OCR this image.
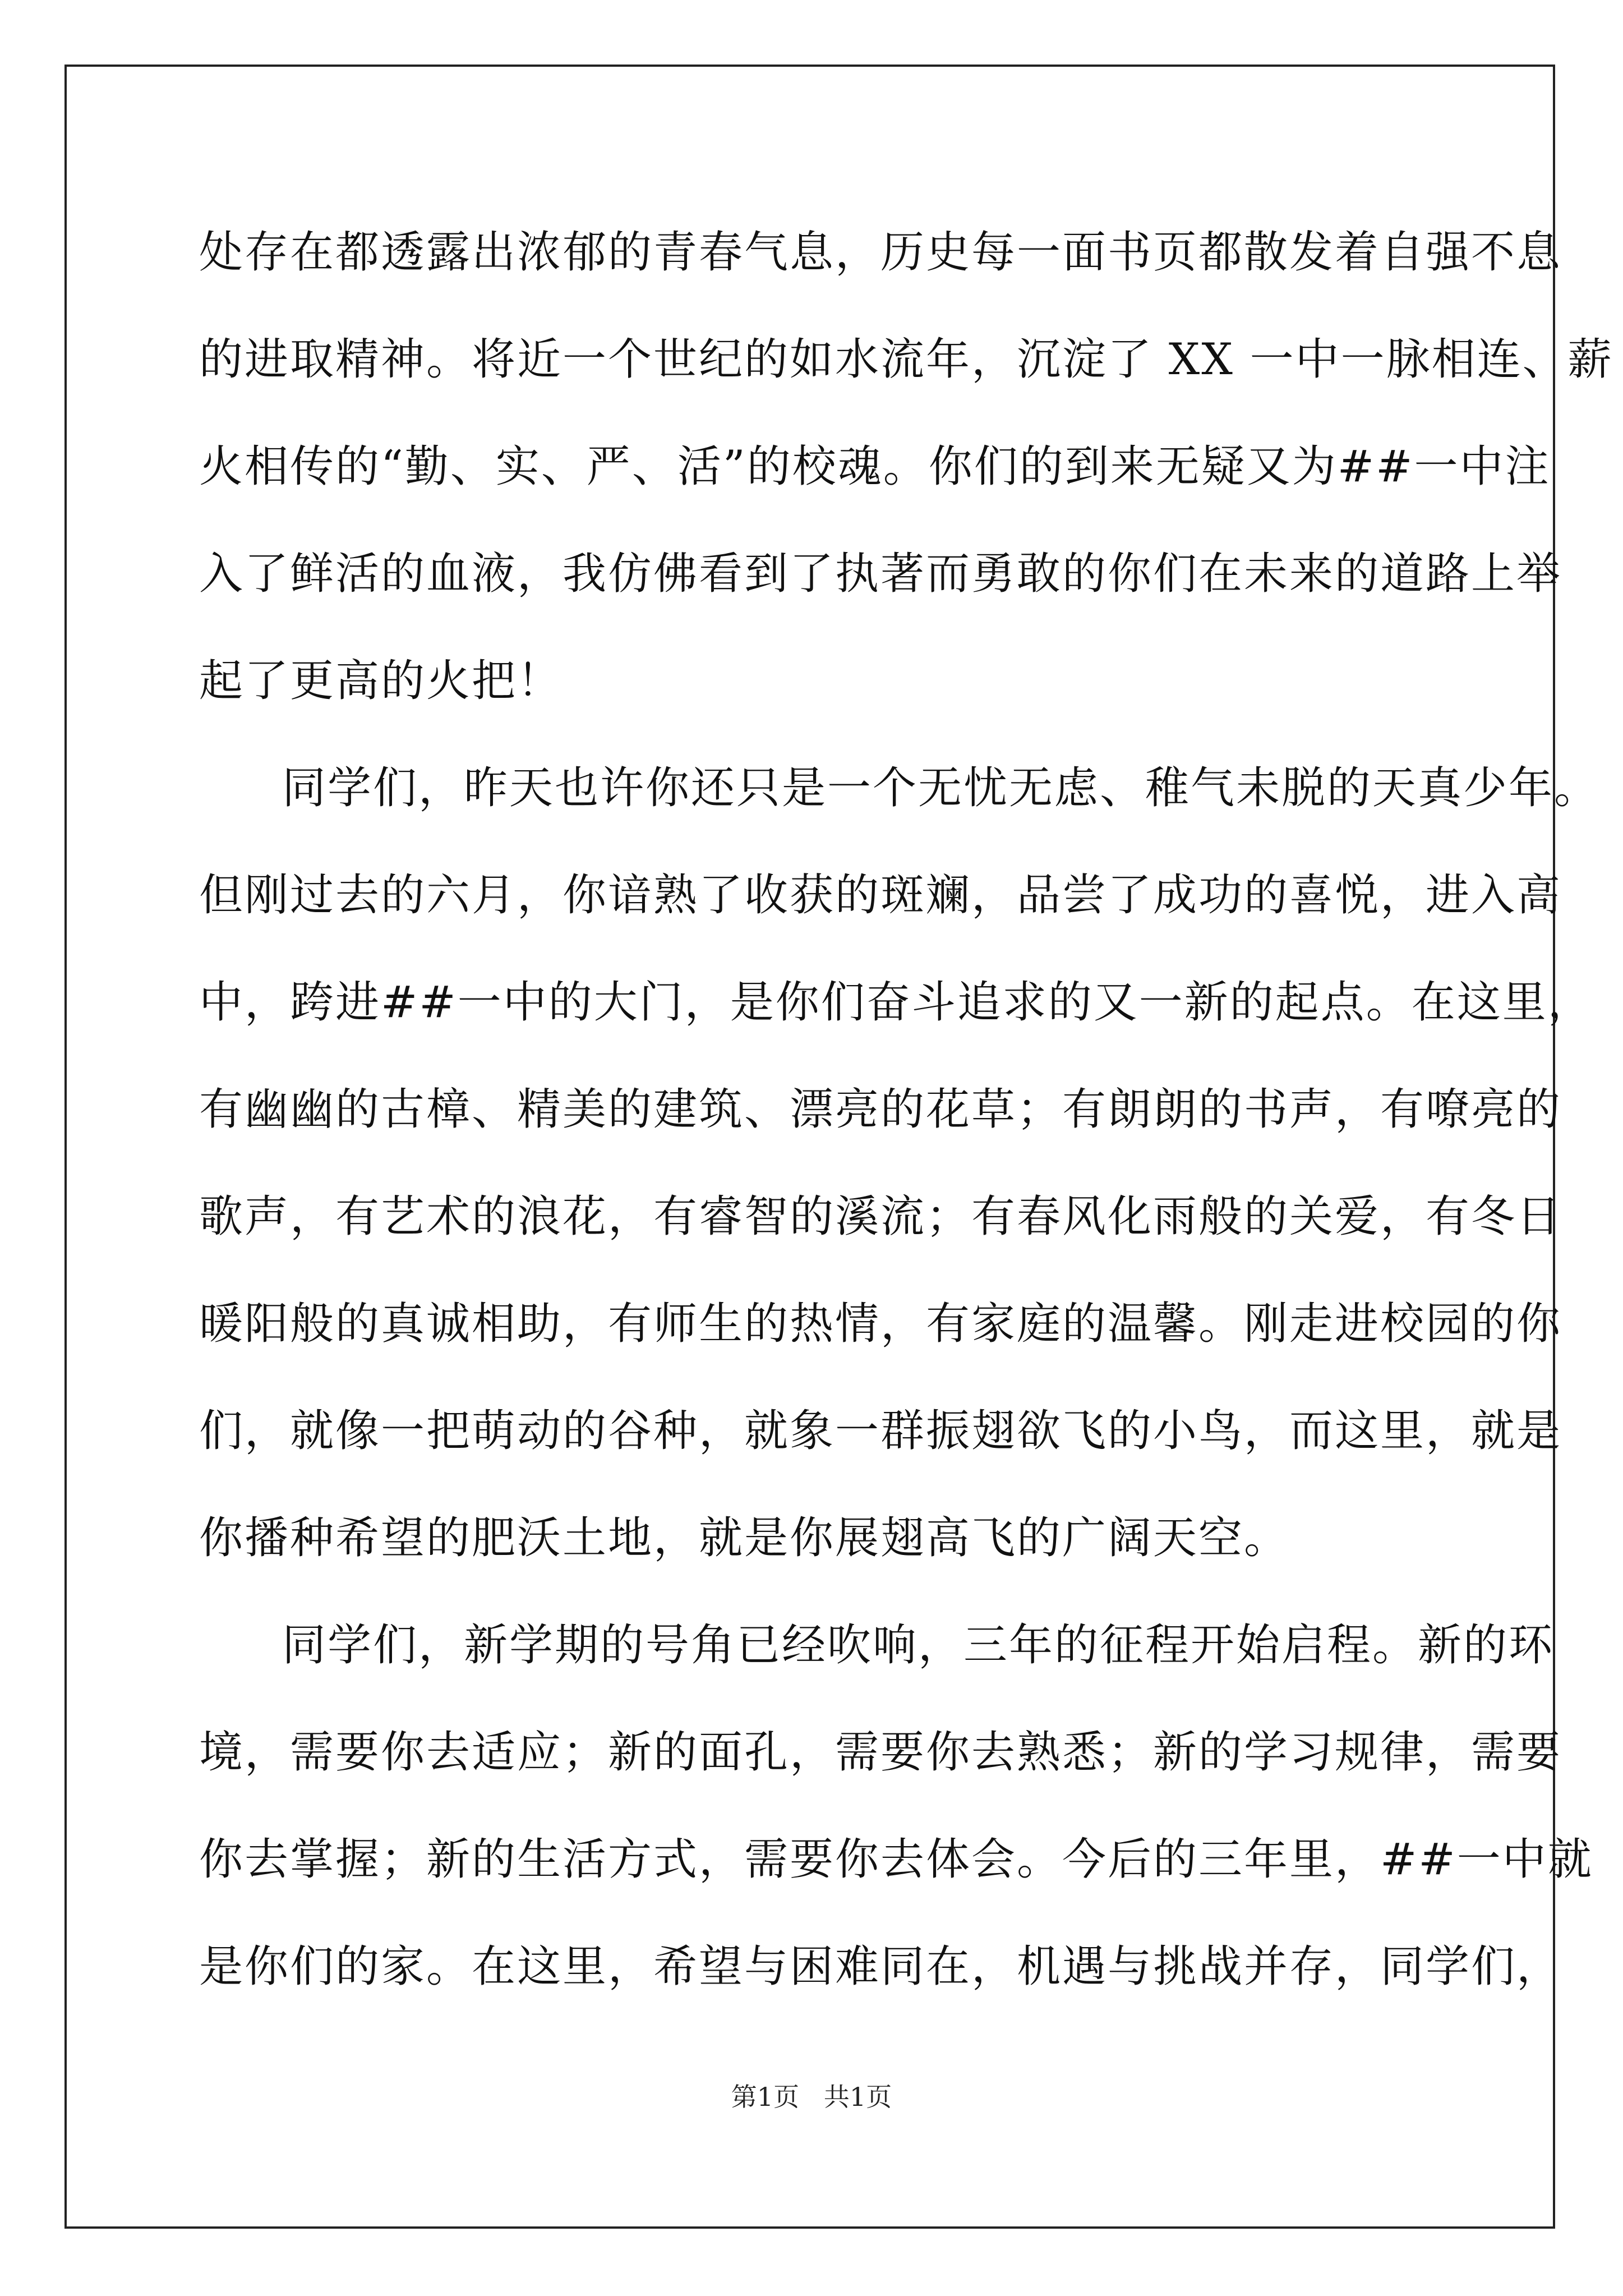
处存在都透露出浓郁的青春气息，历史每一面书页都散发着自强不息
的进取精神。将近一个世纪的如水流年，沉淀了 XX 一中一脉相连、薪
火相传的“勤、实、严、活”的校魂。你们的到来无疑又为##一中注
入了鲜活的血液，我仿佛看到了执著而勇敢的你们在未来的道路上举
起了更高的火把！
同学们，昨天也许你还只是一个无忧无虑、稚气未脱的天真少年。
但刚过去的六月，你谙熟了收获的斑斓，品尝了成功的喜悦，进入高
中，跨进##一中的大门，是你们奋斗追求的又一新的起点。在这里，
有幽幽的古樟、精美的建筑、漂亮的花草；有朗朗的书声，有嘹亮的
歌声，有艺术的浪花，有睿智的溪流；有春风化雨般的关爱，有冬日
暖阳般的真诚相助，有师生的热情，有家庭的温馨。刚走进校园的你
们，就像一把萌动的谷种，就象一群振翅欲飞的小鸟，而这里，就是
你播种希望的肥沃土地，就是你展翅高飞的广阔天空。
同学们，新学期的号角已经吹响，三年的征程开始启程。新的环
境，需要你去适应；新的面孔，需要你去熟悉；新的学习规律，需要
你去掌握；新的生活方式，需要你去体会。今后的三年里，##一中就
是你们的家。在这里，希望与困难同在，机遇与挑战并存，同学们，
第1页   共1页
